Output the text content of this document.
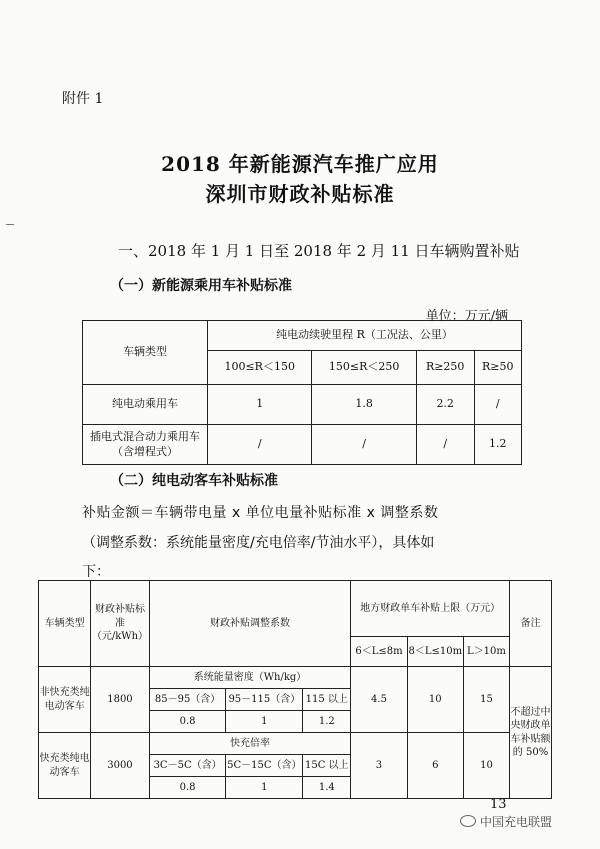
附件 1
2018 年新能源汽车推广应用
深圳市财政补贴标准
一、2018 年 1 月 1 日至 2018 年 2 月 11 日车辆购置补贴
（一）新能源乘用车补贴标准
单位：万元/辆
车辆类型	纯电动续驶里程 R（工况法、公里）			
	100≤R＜150	150≤R＜250	R≥250	R≥50
纯电动乘用车	1	1.8	2.2	/
插电式混合动力乘用车（含增程式）	/	/	/	1.2
（二）纯电动客车补贴标准
补贴金额＝车辆带电量 x 单位电量补贴标准 x 调整系数
（调整系数：系统能量密度/充电倍率/节油水平），具体如
下：
车辆类型	财政补贴标准（元/kWh）	财政补贴调整系数			地方财政单车补贴上限（万元）			备注
					6＜L≤8m	8＜L≤10m	L＞10m	
非快充类纯电动客车	1800	系统能量密度（Wh/kg）			4.5	10	15	不超过中央财政单车补贴额的 50%
		85－95（含）	95－115（含）	115 以上				
		0.8	1	1.2				
快充类纯电动客车	3000	快充倍率			3	6	10	
		3C－5C（含）	5C－15C（含）	15C 以上				
		0.8	1	1.4				
13
中国充电联盟
